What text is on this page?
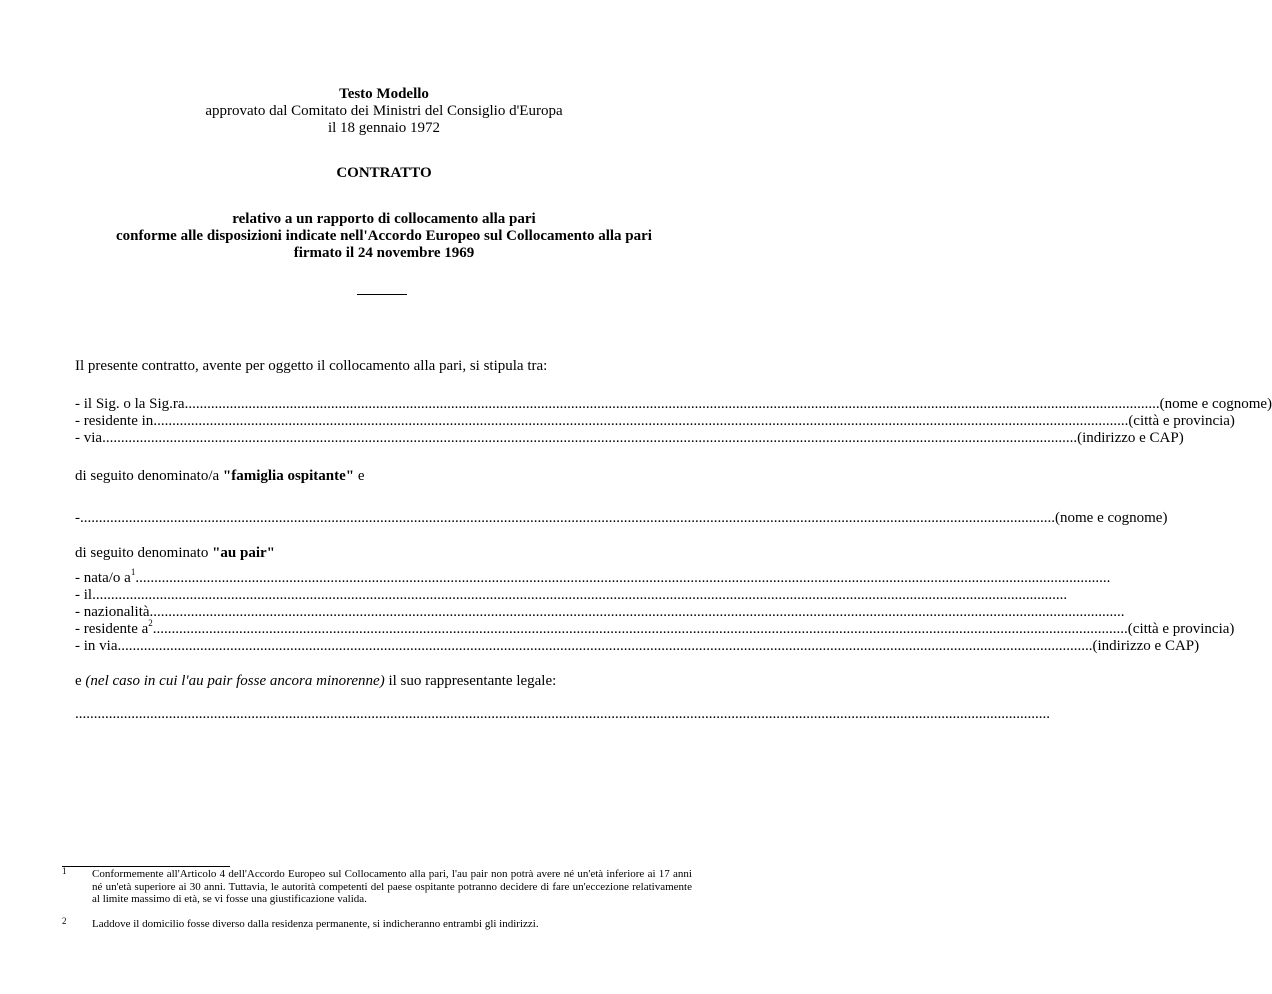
Testo Modello
approvato dal Comitato dei Ministri del Consiglio d'Europa
il 18 gennaio 1972
CONTRATTO
relativo a un rapporto di collocamento alla pari
conforme alle disposizioni indicate nell'Accordo Europeo sul Collocamento alla pari
firmato il 24 novembre 1969
Il presente contratto, avente per oggetto il collocamento alla pari, si stipula tra:
- il Sig. o la Sig.ra .................................................................................................................................................................................................................................................................... (nome e cognome)
- residente in .................................................................................................................................................................................................................................................................... (città e provincia)
- via .................................................................................................................................................................................................................................................................... (indirizzo e CAP)
di seguito denominato/a "famiglia ospitante" e
- .................................................................................................................................................................................................................................................................... (nome e cognome)
di seguito denominato "au pair"
- nata/o $a^1$ ....................................................................................................................................................................................................................................................................
- il ....................................................................................................................................................................................................................................................................
- nazionalità ....................................................................................................................................................................................................................................................................
- residente $a^2$ .................................................................................................................................................................................................................................................................... (città e provincia)
- in via .................................................................................................................................................................................................................................................................... (indirizzo e CAP)
e (nel caso in cui l'au pair fosse ancora minorenne) il suo rappresentante legale:
....................................................................................................................................................................................................................................................................
1 Conformemente all'Articolo 4 dell'Accordo Europeo sul Collocamento alla pari, l'au pair non potrà avere né un'età inferiore ai 17 anni né un'età superiore ai 30 anni. Tuttavia, le autorità competenti del paese ospitante potranno decidere di fare un'eccezione relativamente al limite massimo di età, se vi fosse una giustificazione valida.
2 Laddove il domicilio fosse diverso dalla residenza permanente, si indicheranno entrambi gli indirizzi.
